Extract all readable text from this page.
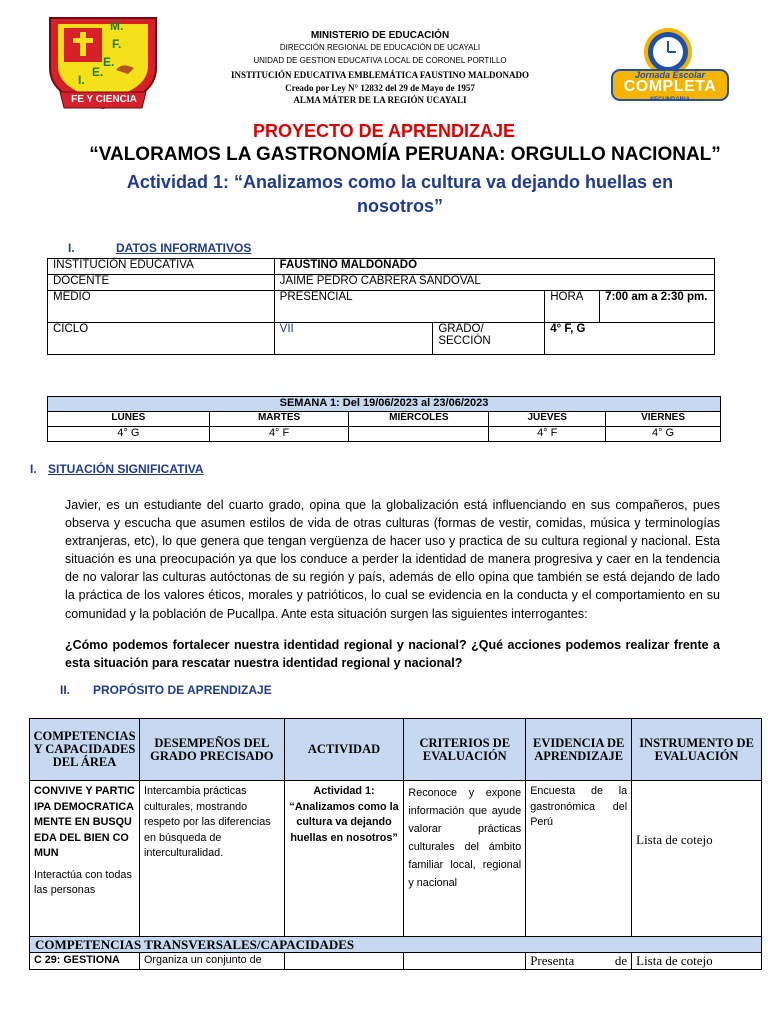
M.
F.
E.
I.
E.
FE Y CIENCIA
MINISTERIO DE EDUCACIÓN
DIRECCIÓN REGIONAL DE EDUCACIÓN DE UCAYALI
UNIDAD DE GESTION EDUCATIVA LOCAL DE CORONEL PORTILLO
INSTITUCIÓN EDUCATIVA EMBLEMÁTICA FAUSTINO MALDONADO
Creado por Ley N° 12832 del 29 de Mayo de 1957
ALMA MÁTER DE LA REGIÓN UCAYALI
Jornada Escolar
COMPLETA
SECUNDARIA
PROYECTO DE APRENDIZAJE
“VALORAMOS LA GASTRONOMÍA PERUANA: ORGULLO NACIONAL”
Actividad 1: “Analizamos como la cultura va dejando huellas en
nosotros”
I.	DATOS INFORMATIVOS
INSTITUCIÓN EDUCATIVA	FAUSTINO MALDONADO			
DOCENTE	JAIME PEDRO CABRERA SANDOVAL			
MEDIO	PRESENCIAL		HORA	7:00 am a 2:30 pm.
CICLO	VII	GRADO/ SECCIÓN	4° F, G	
SEMANA 1: Del 19/06/2023 al 23/06/2023				
LUNES	MARTES	MIÉRCOLES	JUEVES	VIERNES
4° G	4° F		4° F	4° G
I. SITUACIÓN SIGNIFICATIVA
Javier, es un estudiante del cuarto grado, opina que la globalización está influenciando en sus compañeros, pues observa y escucha que asumen estilos de vida de otras culturas (formas de vestir, comidas, música y terminologías extranjeras, etc), lo que genera que tengan vergüenza de hacer uso y practica de su cultura regional y nacional. Esta situación es una preocupación ya que los conduce a perder la identidad de manera progresiva y caer en la tendencia de no valorar las culturas autóctonas de su región y país, además de ello opina que también se está dejando de lado la práctica de los valores éticos, morales y patrióticos, lo cual se evidencia en la conducta y el comportamiento en su comunidad y la población de Pucallpa. Ante esta situación surgen las siguientes interrogantes:
¿Cómo podemos fortalecer nuestra identidad regional y nacional? ¿Qué acciones podemos realizar frente a esta situación para rescatar nuestra identidad regional y nacional?
II. PROPÓSITO DE APRENDIZAJE
COMPETENCIAS Y CAPACIDADES DEL ÁREA	DESEMPEÑOS DEL GRADO PRECISADO	ACTIVIDAD	CRITERIOS DE EVALUACIÓN	EVIDENCIA DE APRENDIZAJE	INSTRUMENTO DE EVALUACIÓN

CONVIVE Y PARTICIPA DEMOCRATICAMENTE EN BUSQUEDA DEL BIEN COMUN
Interactúa con todas las personas	Intercambia prácticas culturales, mostrando respeto por las diferencias en búsqueda de interculturalidad.	Actividad 1: “Analizamos como la cultura va dejando huellas en nosotros”	Reconoce y expone información que ayude valorar prácticas culturales del ámbito familiar local, regional y nacional	Encuesta de la gastronómica del Perú	Lista de cotejo
COMPETENCIAS TRANSVERSALES/CAPACIDADES					
C 29: GESTIONA	Organiza un conjunto de			Presenta de	Lista de cotejo
